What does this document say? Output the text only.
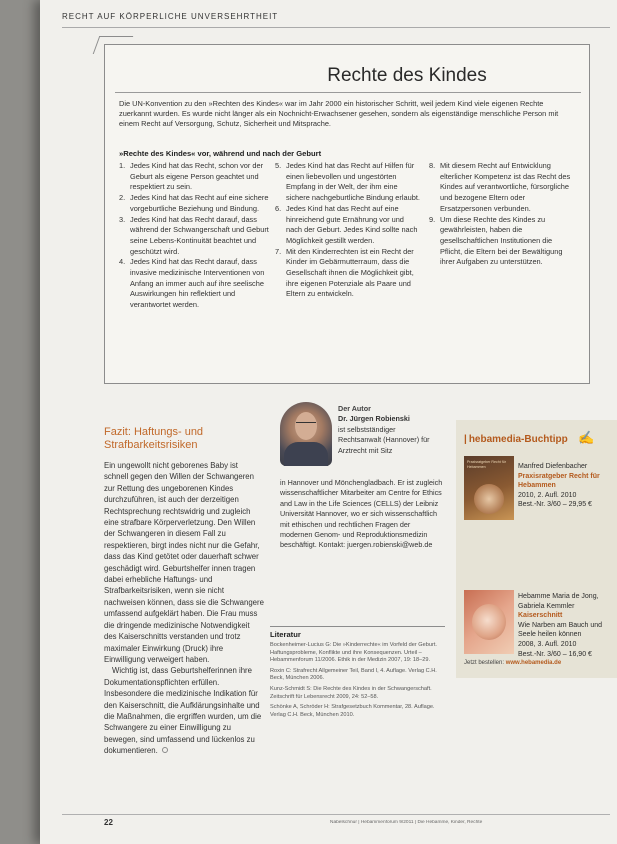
RECHT AUF KÖRPERLICHE UNVERSEHRTHEIT
Rechte des Kindes
Die UN-Konvention zu den »Rechten des Kindes« war im Jahr 2000 ein historischer Schritt, weil jedem Kind viele eigenen Rechte zuerkannt wurden. Es wurde nicht länger als ein Nochnicht-Erwachsener gesehen, sondern als eigenständige menschliche Person mit einem Recht auf Versorgung, Schutz, Sicherheit und Mitsprache.
»Rechte des Kindes« vor, während und nach der Geburt
1. Jedes Kind hat das Recht, schon vor der Geburt als eigene Person geachtet und respektiert zu sein.
2. Jedes Kind hat das Recht auf eine sichere vorgeburtliche Beziehung und Bindung.
3. Jedes Kind hat das Recht darauf, dass während der Schwangerschaft und Geburt seine Lebens-Kontinuität beachtet und geschützt wird.
4. Jedes Kind hat das Recht darauf, dass invasive medizinische Interventionen von Anfang an immer auch auf ihre seelische Auswirkungen hin reflektiert und verantwortet werden.
5. Jedes Kind hat das Recht auf Hilfen für einen liebevollen und ungestörten Empfang in der Welt, der ihm eine sichere nachgeburtliche Bindung erlaubt.
6. Jedes Kind hat das Recht auf eine hinreichend gute Ernährung vor und nach der Geburt. Jedes Kind sollte nach Möglichkeit gestillt werden.
7. Mit den Kinderrechten ist ein Recht der Kinder im Gebärmutterraum, dass die Gesellschaft ihnen die Möglichkeit gibt, ihre eigenen Potenziale als Paare und Eltern zu entwickeln.
8. Mit diesem Recht auf Entwicklung elterlicher Kompetenz ist das Recht des Kindes auf verantwortliche, fürsorgliche und bezogene Eltern oder Ersatzpersonen verbunden.
9. Um diese Rechte des Kindes zu gewährleisten, haben die gesellschaftlichen Institutionen die Pflicht, die Eltern bei der Bewältigung ihrer Aufgaben zu unterstützen.
Fazit: Haftungs- und Strafbarkeitsrisiken

Ein ungewollt nicht geborenes Baby ist schnell gegen den Willen der Schwangeren zur Rettung des ungeborenen Kindes durchzuführen, ist auch der derzeitigen Rechtsprechung rechtswidrig und zugleich eine strafbare Körperverletzung. Den Willen der Schwangeren in diesem Fall zu respektieren, birgt indes nicht nur die Gefahr, dass das Kind getötet oder dauerhaft schwer geschädigt wird. Geburtshelfer innen tragen dabei erhebliche Haftungs- und Strafbarkeitsrisiken, wenn sie nicht nachweisen können, dass sie die Schwangere umfassend aufgeklärt haben. Die Frau muss die dringende medizinische Notwendigkeit des Kaiserschnitts verstanden und trotz maximaler Einwirkung (Druck) ihre Einwilligung verweigert haben.

Wichtig ist, dass Geburtshelferinnen ihre Dokumentationspflichten erfüllen. Insbesondere die medizinische Indikation für den Kaiserschnitt, die Aufklärungsinhalte und die Maßnahmen, die ergriffen wurden, um die Schwangere zu einer Einwilligung zu bewegen, sind umfassend und lückenlos zu dokumentieren.

Der Autor
Dr. Jürgen Robienski
ist selbstständiger Rechtsanwalt (Hannover) für Arztrecht mit Sitz
in Hannover und Mönchengladbach. Er ist zugleich wissenschaftlicher Mitarbeiter am Centre for Ethics and Law in the Life Sciences (CELLS) der Leibniz Universität Hannover, wo er sich wissenschaftlich mit ethischen und rechtlichen Fragen der modernen Genom- und Reproduktionsmedizin beschäftigt. Kontakt: juergen.robienski@web.de
Literatur

Bockenheimer-Lucius G: Die »Kinderrechte« im Vorfeld der Geburt. Haftungsprobleme, Konflikte und ihre Konsequenzen. Urteil – Hebammenforum 11/2006. Ethik in der Medizin 2007, 19: 18–29.

Roxin C: Strafrecht Allgemeiner Teil, Band I, 4. Auflage. Verlag C.H. Beck, München 2006.

Kunz-Schmidt S: Die Rechte des Kindes in der Schwangerschaft. Zeitschrift für Lebensrecht 2009, 24: 52–58.

Schönke A, Schröder H: Strafgesetzbuch Kommentar, 28. Auflage. Verlag C.H. Beck, München 2010.

| hebamedia-Buchtipp ✍
Praxisratgeber Recht für Hebammen	Manfred Diefenbacher
Praxisratgeber Recht für Hebammen
2010, 2. Aufl. 2010
Best.-Nr. 3/60 – 29,95 €
Hebamme Maria de Jong, Gabriela Kemmler
Kaiserschnitt
Wie Narben am Bauch und Seele heilen können
2008, 3. Aufl. 2010
Best.-Nr. 3/60 – 16,90 €
Jetzt bestellen: www.hebamedia.de
22	Nabelschnur | Hebammenforum 9/2011 | Die Hebamme, Kinder, Rechte
